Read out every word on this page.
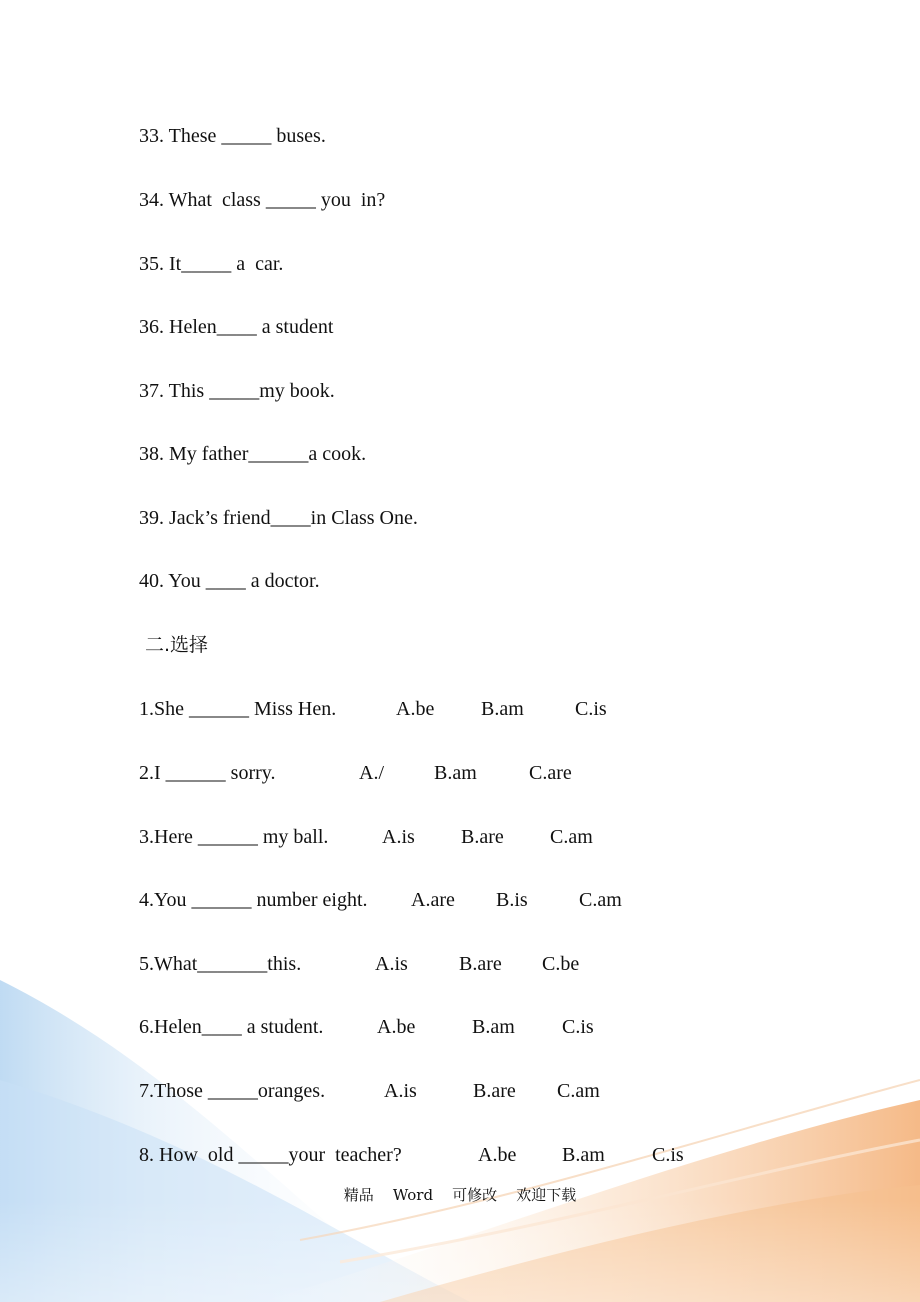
33. These _____ buses.

34. What  class _____ you  in?

35. It_____ a  car.

36. Helen____ a student

37. This _____my book.

38. My father______a cook.

39. Jack’s friend____in Class One.

40. You ____ a doctor.

二.选择

1.She ______ Miss Hen.	A.be B.am	C.is

2.I ______ sorry.	A./	B.am	C.are

3.Here ______ my ball.	A.is B.are C.am

4.You ______ number eight. A.are B.is	C.am

5.What_______this.	A.is	B.are C.be

6.Helen____ a student.	A.be	B.am C.is

7.Those _____oranges.	A.is	B.are C.am

8. How  old _____your  teacher?	A.be B.am C.is
精品    Word    可修改    欢迎下载
